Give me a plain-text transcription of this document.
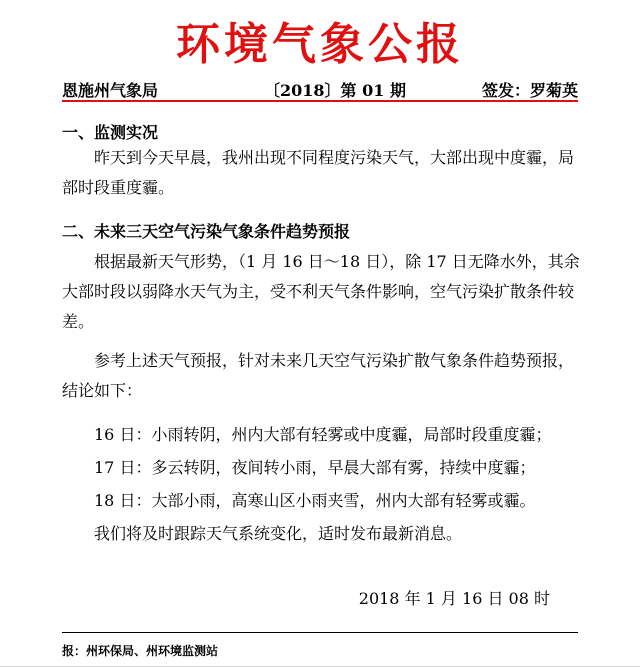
环境气象公报
恩施州气象局	〔2018〕第 01 期	签发：罗菊英
一、监测实况
昨天到今天早晨，我州出现不同程度污染天气，大部出现中度霾，局部时段重度霾。
二、未来三天空气污染气象条件趋势预报
根据最新天气形势，（1 月 16 日～18 日），除 17 日无降水外，其余大部时段以弱降水天气为主，受不利天气条件影响，空气污染扩散条件较差。
参考上述天气预报，针对未来几天空气污染扩散气象条件趋势预报，结论如下：
16 日：小雨转阴，州内大部有轻雾或中度霾，局部时段重度霾；
17 日：多云转阴，夜间转小雨，早晨大部有雾，持续中度霾；
18 日：大部小雨，高寒山区小雨夹雪，州内大部有轻雾或霾。
我们将及时跟踪天气系统变化，适时发布最新消息。
2018 年 1 月 16 日 08 时
报：州环保局、州环境监测站
